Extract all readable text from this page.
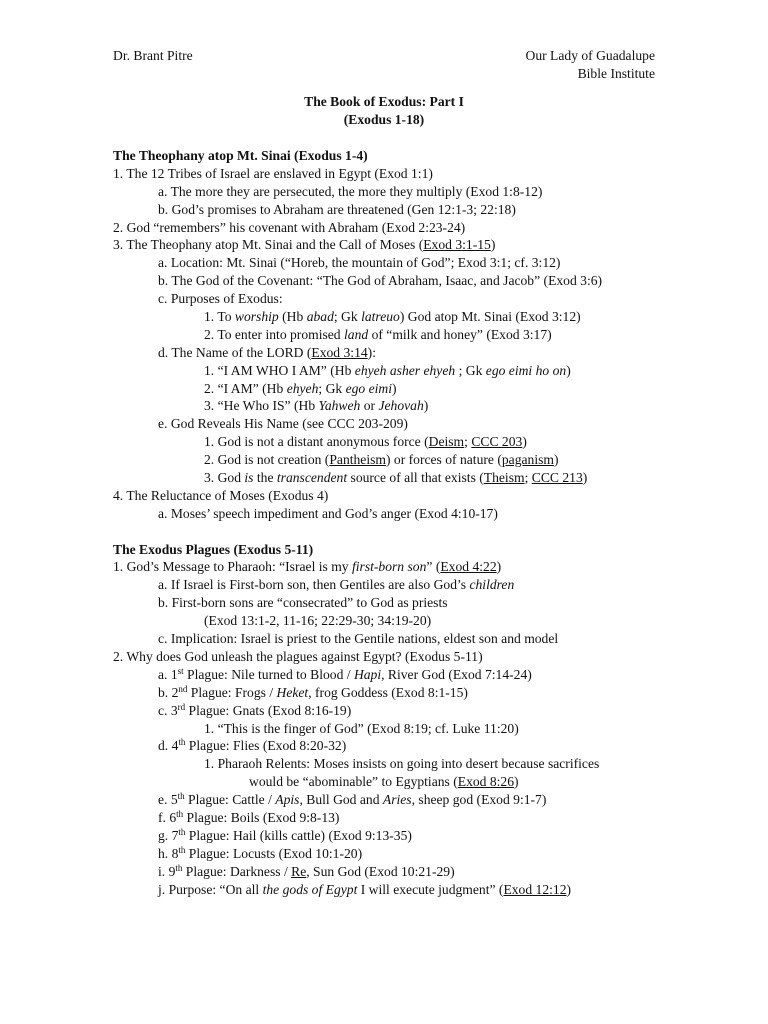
Dr. Brant Pitre	Our Lady of Guadalupe
Bible Institute
The Book of Exodus: Part I
(Exodus 1-18)
The Theophany atop Mt. Sinai (Exodus 1-4)
1. The 12 Tribes of Israel are enslaved in Egypt (Exod 1:1)
a. The more they are persecuted, the more they multiply (Exod 1:8-12)
b. God’s promises to Abraham are threatened (Gen 12:1-3; 22:18)
2. God “remembers” his covenant with Abraham (Exod 2:23-24)
3. The Theophany atop Mt. Sinai and the Call of Moses (Exod 3:1-15)
a. Location: Mt. Sinai (“Horeb, the mountain of God”; Exod 3:1; cf. 3:12)
b. The God of the Covenant: “The God of Abraham, Isaac, and Jacob” (Exod 3:6)
c. Purposes of Exodus:
1. To worship (Hb abad; Gk latreuo) God atop Mt. Sinai (Exod 3:12)
2. To enter into promised land of “milk and honey” (Exod 3:17)
d. The Name of the LORD (Exod 3:14):
1. “I AM WHO I AM” (Hb ehyeh asher ehyeh ; Gk ego eimi ho on)
2. “I AM” (Hb ehyeh; Gk ego eimi)
3. “He Who IS” (Hb Yahweh or Jehovah)
e. God Reveals His Name (see CCC 203-209)
1. God is not a distant anonymous force (Deism; CCC 203)
2. God is not creation (Pantheism) or forces of nature (paganism)
3. God is the transcendent source of all that exists (Theism; CCC 213)
4. The Reluctance of Moses (Exodus 4)
a. Moses’ speech impediment and God’s anger (Exod 4:10-17)
The Exodus Plagues (Exodus 5-11)
1. God’s Message to Pharaoh: “Israel is my first-born son” (Exod 4:22)
a. If Israel is First-born son, then Gentiles are also God’s children
b. First-born sons are “consecrated” to God as priests
(Exod 13:1-2, 11-16; 22:29-30; 34:19-20)
c. Implication: Israel is priest to the Gentile nations, eldest son and model
2. Why does God unleash the plagues against Egypt? (Exodus 5-11)
a. 1st Plague: Nile turned to Blood / Hapi, River God (Exod 7:14-24)
b. 2nd Plague: Frogs / Heket, frog Goddess (Exod 8:1-15)
c. 3rd Plague: Gnats (Exod 8:16-19)
1. “This is the finger of God” (Exod 8:19; cf. Luke 11:20)
d. 4th Plague: Flies (Exod 8:20-32)
1. Pharaoh Relents: Moses insists on going into desert because sacrifices
would be “abominable” to Egyptians (Exod 8:26)
e. 5th Plague: Cattle / Apis, Bull God and Aries, sheep god (Exod 9:1-7)
f. 6th Plague: Boils (Exod 9:8-13)
g. 7th Plague: Hail (kills cattle) (Exod 9:13-35)
h. 8th Plague: Locusts (Exod 10:1-20)
i. 9th Plague: Darkness / Re, Sun God (Exod 10:21-29)
j. Purpose: “On all the gods of Egypt I will execute judgment” (Exod 12:12)
